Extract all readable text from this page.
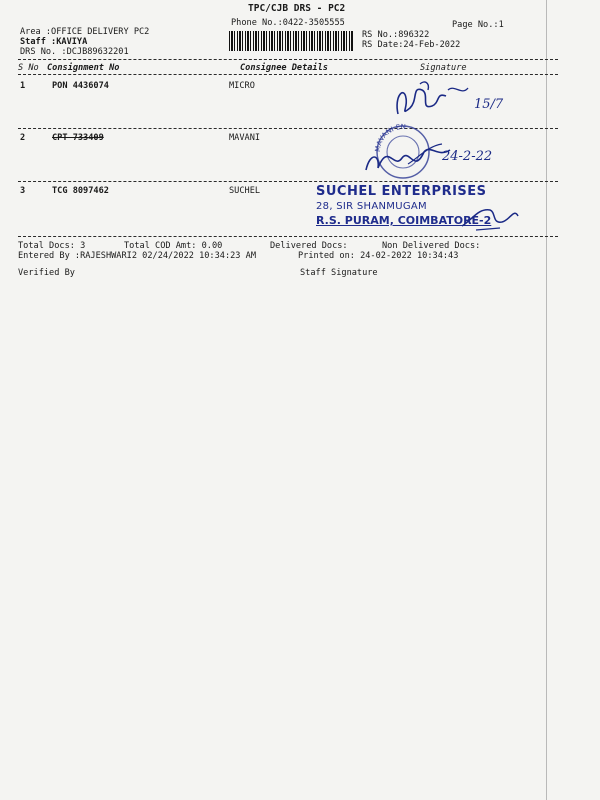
TPC/CJB DRS - PC2
Phone No.:0422-3505555	Page No.:1
Area :OFFICE DELIVERY PC2
Staff :KAVIYA
DRS No. :DCJB89632201
RS No.:896322
RS Date:24-Feb-2022
S No Consignment No	Consignee Details	Signature
1	PON 4436074	MICRO
15/7
2	CPT 733409	MAVANI
MAVANI EN
24-2-22
3	TCG 8097462	SUCHEL	SUCHEL ENTERPRISES
28, SIR SHANMUGAM
R.S. PURAM, COIMBATORE-2
Total Docs: 3	Total COD Amt: 0.00	Delivered Docs:	Non Delivered Docs:
Entered By :RAJESHWARI2 02/24/2022 10:34:23 AM	Printed on: 24-02-2022 10:34:43
Verified By	Staff Signature
